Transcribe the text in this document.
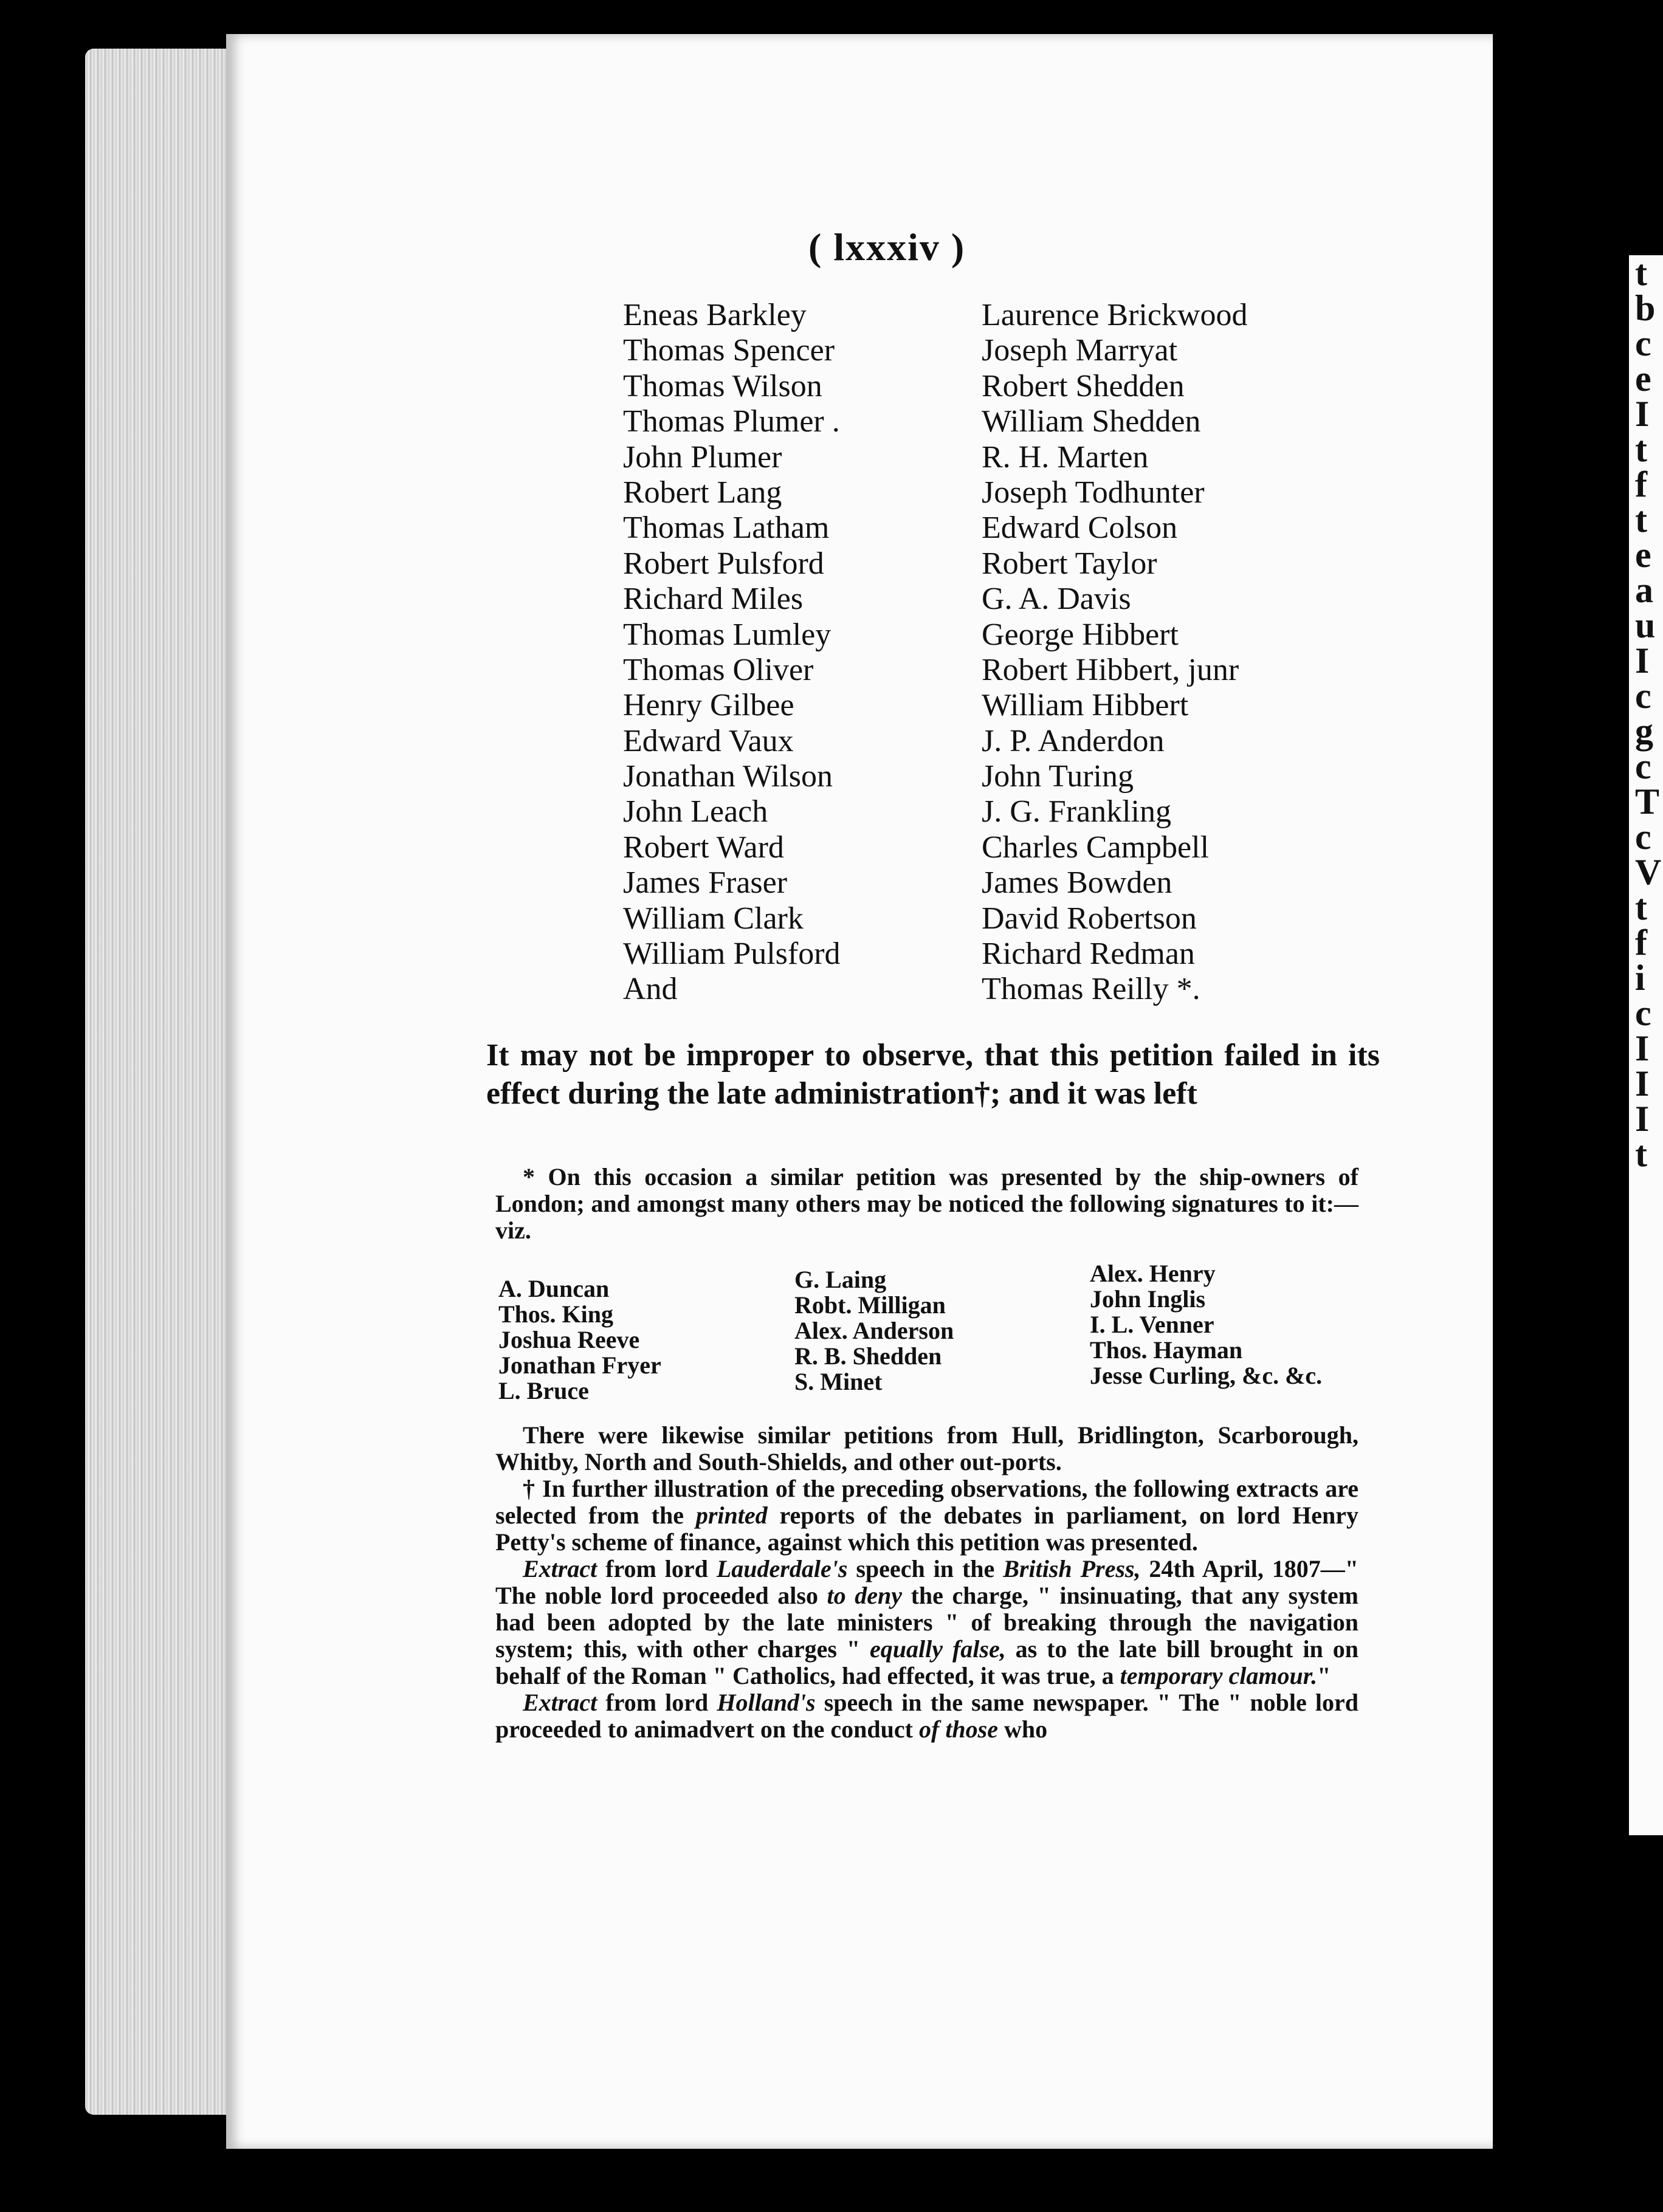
t
b
c
e
I
t
f
t
e
a
u
I
c
g
c
T
c
V
t
f
i
c
I
I
I
t
( lxxxiv )
Eneas Barkley
Thomas Spencer
Thomas Wilson
Thomas Plumer .
John Plumer
Robert Lang
Thomas Latham
Robert Pulsford
Richard Miles
Thomas Lumley
Thomas Oliver
Henry Gilbee
Edward Vaux
Jonathan Wilson
John Leach
Robert Ward
James Fraser
William Clark
William Pulsford
And
Laurence Brickwood
Joseph Marryat
Robert Shedden
William Shedden
R. H. Marten
Joseph Todhunter
Edward Colson
Robert Taylor
G. A. Davis
George Hibbert
Robert Hibbert, junr
William Hibbert
J. P. Anderdon
John Turing
J. G. Frankling
Charles Campbell
James Bowden
David Robertson
Richard Redman
Thomas Reilly *.
It may not be improper to observe, that this petition failed in its effect during the late administration†; and it was left

* On this occasion a similar petition was presented by the ship-owners of London; and amongst many others may be noticed the following signatures to it:—viz.

A. Duncan
Thos. King
Joshua Reeve
Jonathan Fryer
L. Bruce
G. Laing
Robt. Milligan
Alex. Anderson
R. B. Shedden
S. Minet
Alex. Henry
John Inglis
I. L. Venner
Thos. Hayman
Jesse Curling, &c. &c.

There were likewise similar petitions from Hull, Bridlington, Scarborough, Whitby, North and South-Shields, and other out-ports.

† In further illustration of the preceding observations, the following extracts are selected from the printed reports of the debates in parliament, on lord Henry Petty's scheme of finance, against which this petition was presented.

Extract from lord Lauderdale's speech in the British Press, 24th April, 1807—" The noble lord proceeded also to deny the charge, " insinuating, that any system had been adopted by the late ministers " of breaking through the navigation system; this, with other charges " equally false, as to the late bill brought in on behalf of the Roman " Catholics, had effected, it was true, a temporary clamour."

Extract from lord Holland's speech in the same newspaper. " The " noble lord proceeded to animadvert on the conduct of those who
